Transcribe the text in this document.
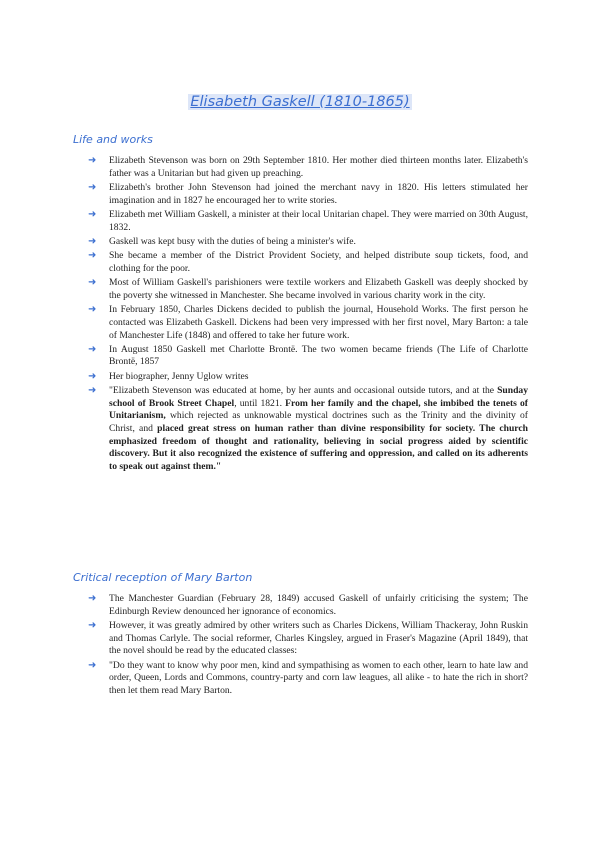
Elisabeth Gaskell (1810-1865)
Life and works
➜ Elizabeth Stevenson was born on 29th September 1810. Her mother died thirteen months later. Elizabeth's father was a Unitarian but had given up preaching.
➜ Elizabeth's brother John Stevenson had joined the merchant navy in 1820. His letters stimulated her imagination and in 1827 he encouraged her to write stories.
➜ Elizabeth met William Gaskell, a minister at their local Unitarian chapel. They were married on 30th August, 1832.
➜ Gaskell was kept busy with the duties of being a minister's wife.
➜ She became a member of the District Provident Society, and helped distribute soup tickets, food, and clothing for the poor.
➜ Most of William Gaskell's parishioners were textile workers and Elizabeth Gaskell was deeply shocked by the poverty she witnessed in Manchester. She became involved in various charity work in the city.
➜ In February 1850, Charles Dickens decided to publish the journal, Household Works. The first person he contacted was Elizabeth Gaskell. Dickens had been very impressed with her first novel, Mary Barton: a tale of Manchester Life (1848) and offered to take her future work.
➜ In August 1850 Gaskell met Charlotte Brontë. The two women became friends (The Life of Charlotte Brontë, 1857
➜ Her biographer, Jenny Uglow writes
➜ "Elizabeth Stevenson was educated at home, by her aunts and occasional outside tutors, and at the Sunday school of Brook Street Chapel, until 1821. From her family and the chapel, she imbibed the tenets of Unitarianism, which rejected as unknowable mystical doctrines such as the Trinity and the divinity of Christ, and placed great stress on human rather than divine responsibility for society. The church emphasized freedom of thought and rationality, believing in social progress aided by scientific discovery. But it also recognized the existence of suffering and oppression, and called on its adherents to speak out against them."
Critical reception of Mary Barton
➜ The Manchester Guardian (February 28, 1849) accused Gaskell of unfairly criticising the system; The Edinburgh Review denounced her ignorance of economics.
➜ However, it was greatly admired by other writers such as Charles Dickens, William Thackeray, John Ruskin and Thomas Carlyle. The social reformer, Charles Kingsley, argued in Fraser's Magazine (April 1849), that the novel should be read by the educated classes:
➜ "Do they want to know why poor men, kind and sympathising as women to each other, learn to hate law and order, Queen, Lords and Commons, country-party and corn law leagues, all alike - to hate the rich in short? then let them read Mary Barton.
